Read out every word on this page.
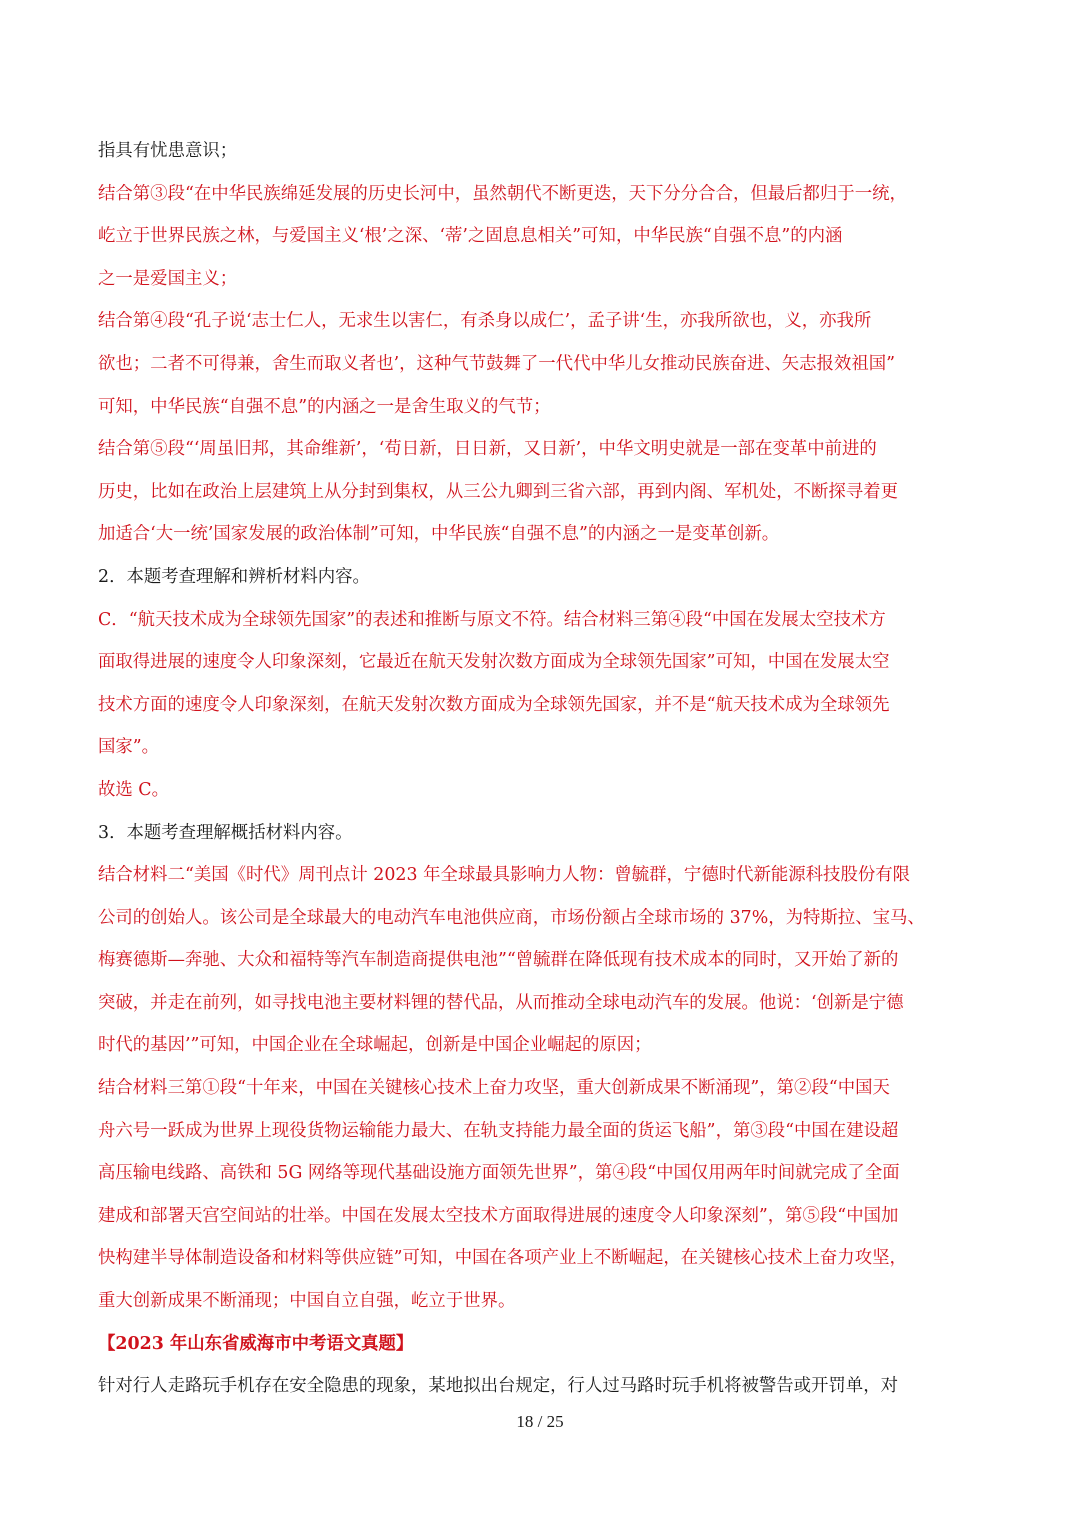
指具有忧患意识；
结合第③段“在中华民族绵延发展的历史长河中，虽然朝代不断更迭，天下分分合合，但最后都归于一统，
屹立于世界民族之林，与爱国主义‘根’之深、‘蒂’之固息息相关”可知，中华民族“自强不息”的内涵
之一是爱国主义；
结合第④段“孔子说‘志士仁人，无求生以害仁，有杀身以成仁’，孟子讲‘生，亦我所欲也，义，亦我所
欲也；二者不可得兼，舍生而取义者也’，这种气节鼓舞了一代代中华儿女推动民族奋进、矢志报效祖国”
可知，中华民族“自强不息”的内涵之一是舍生取义的气节；
结合第⑤段“‘周虽旧邦，其命维新’，‘苟日新，日日新，又日新’，中华文明史就是一部在变革中前进的
历史，比如在政治上层建筑上从分封到集权，从三公九卿到三省六部，再到内阁、军机处，不断探寻着更
加适合‘大一统’国家发展的政治体制”可知，中华民族“自强不息”的内涵之一是变革创新。
2．本题考查理解和辨析材料内容。
C．“航天技术成为全球领先国家”的表述和推断与原文不符。结合材料三第④段“中国在发展太空技术方
面取得进展的速度令人印象深刻，它最近在航天发射次数方面成为全球领先国家”可知，中国在发展太空
技术方面的速度令人印象深刻，在航天发射次数方面成为全球领先国家，并不是“航天技术成为全球领先
国家”。
故选 C。
3．本题考查理解概括材料内容。
结合材料二“美国《时代》周刊点计 2023 年全球最具影响力人物：曾毓群，宁德时代新能源科技股份有限
公司的创始人。该公司是全球最大的电动汽车电池供应商，市场份额占全球市场的 37%，为特斯拉、宝马、
梅赛德斯—奔驰、大众和福特等汽车制造商提供电池”“曾毓群在降低现有技术成本的同时，又开始了新的
突破，并走在前列，如寻找电池主要材料锂的替代品，从而推动全球电动汽车的发展。他说：‘创新是宁德
时代的基因’”可知，中国企业在全球崛起，创新是中国企业崛起的原因；
结合材料三第①段“十年来，中国在关键核心技术上奋力攻坚，重大创新成果不断涌现”，第②段“中国天
舟六号一跃成为世界上现役货物运输能力最大、在轨支持能力最全面的货运飞船”，第③段“中国在建设超
高压输电线路、高铁和 5G 网络等现代基础设施方面领先世界”，第④段“中国仅用两年时间就完成了全面
建成和部署天宫空间站的壮举。中国在发展太空技术方面取得进展的速度令人印象深刻”，第⑤段“中国加
快构建半导体制造设备和材料等供应链”可知，中国在各项产业上不断崛起，在关键核心技术上奋力攻坚，
重大创新成果不断涌现；中国自立自强，屹立于世界。
【2023 年山东省威海市中考语文真题】
针对行人走路玩手机存在安全隐患的现象，某地拟出台规定，行人过马路时玩手机将被警告或开罚单，对
18 / 25
